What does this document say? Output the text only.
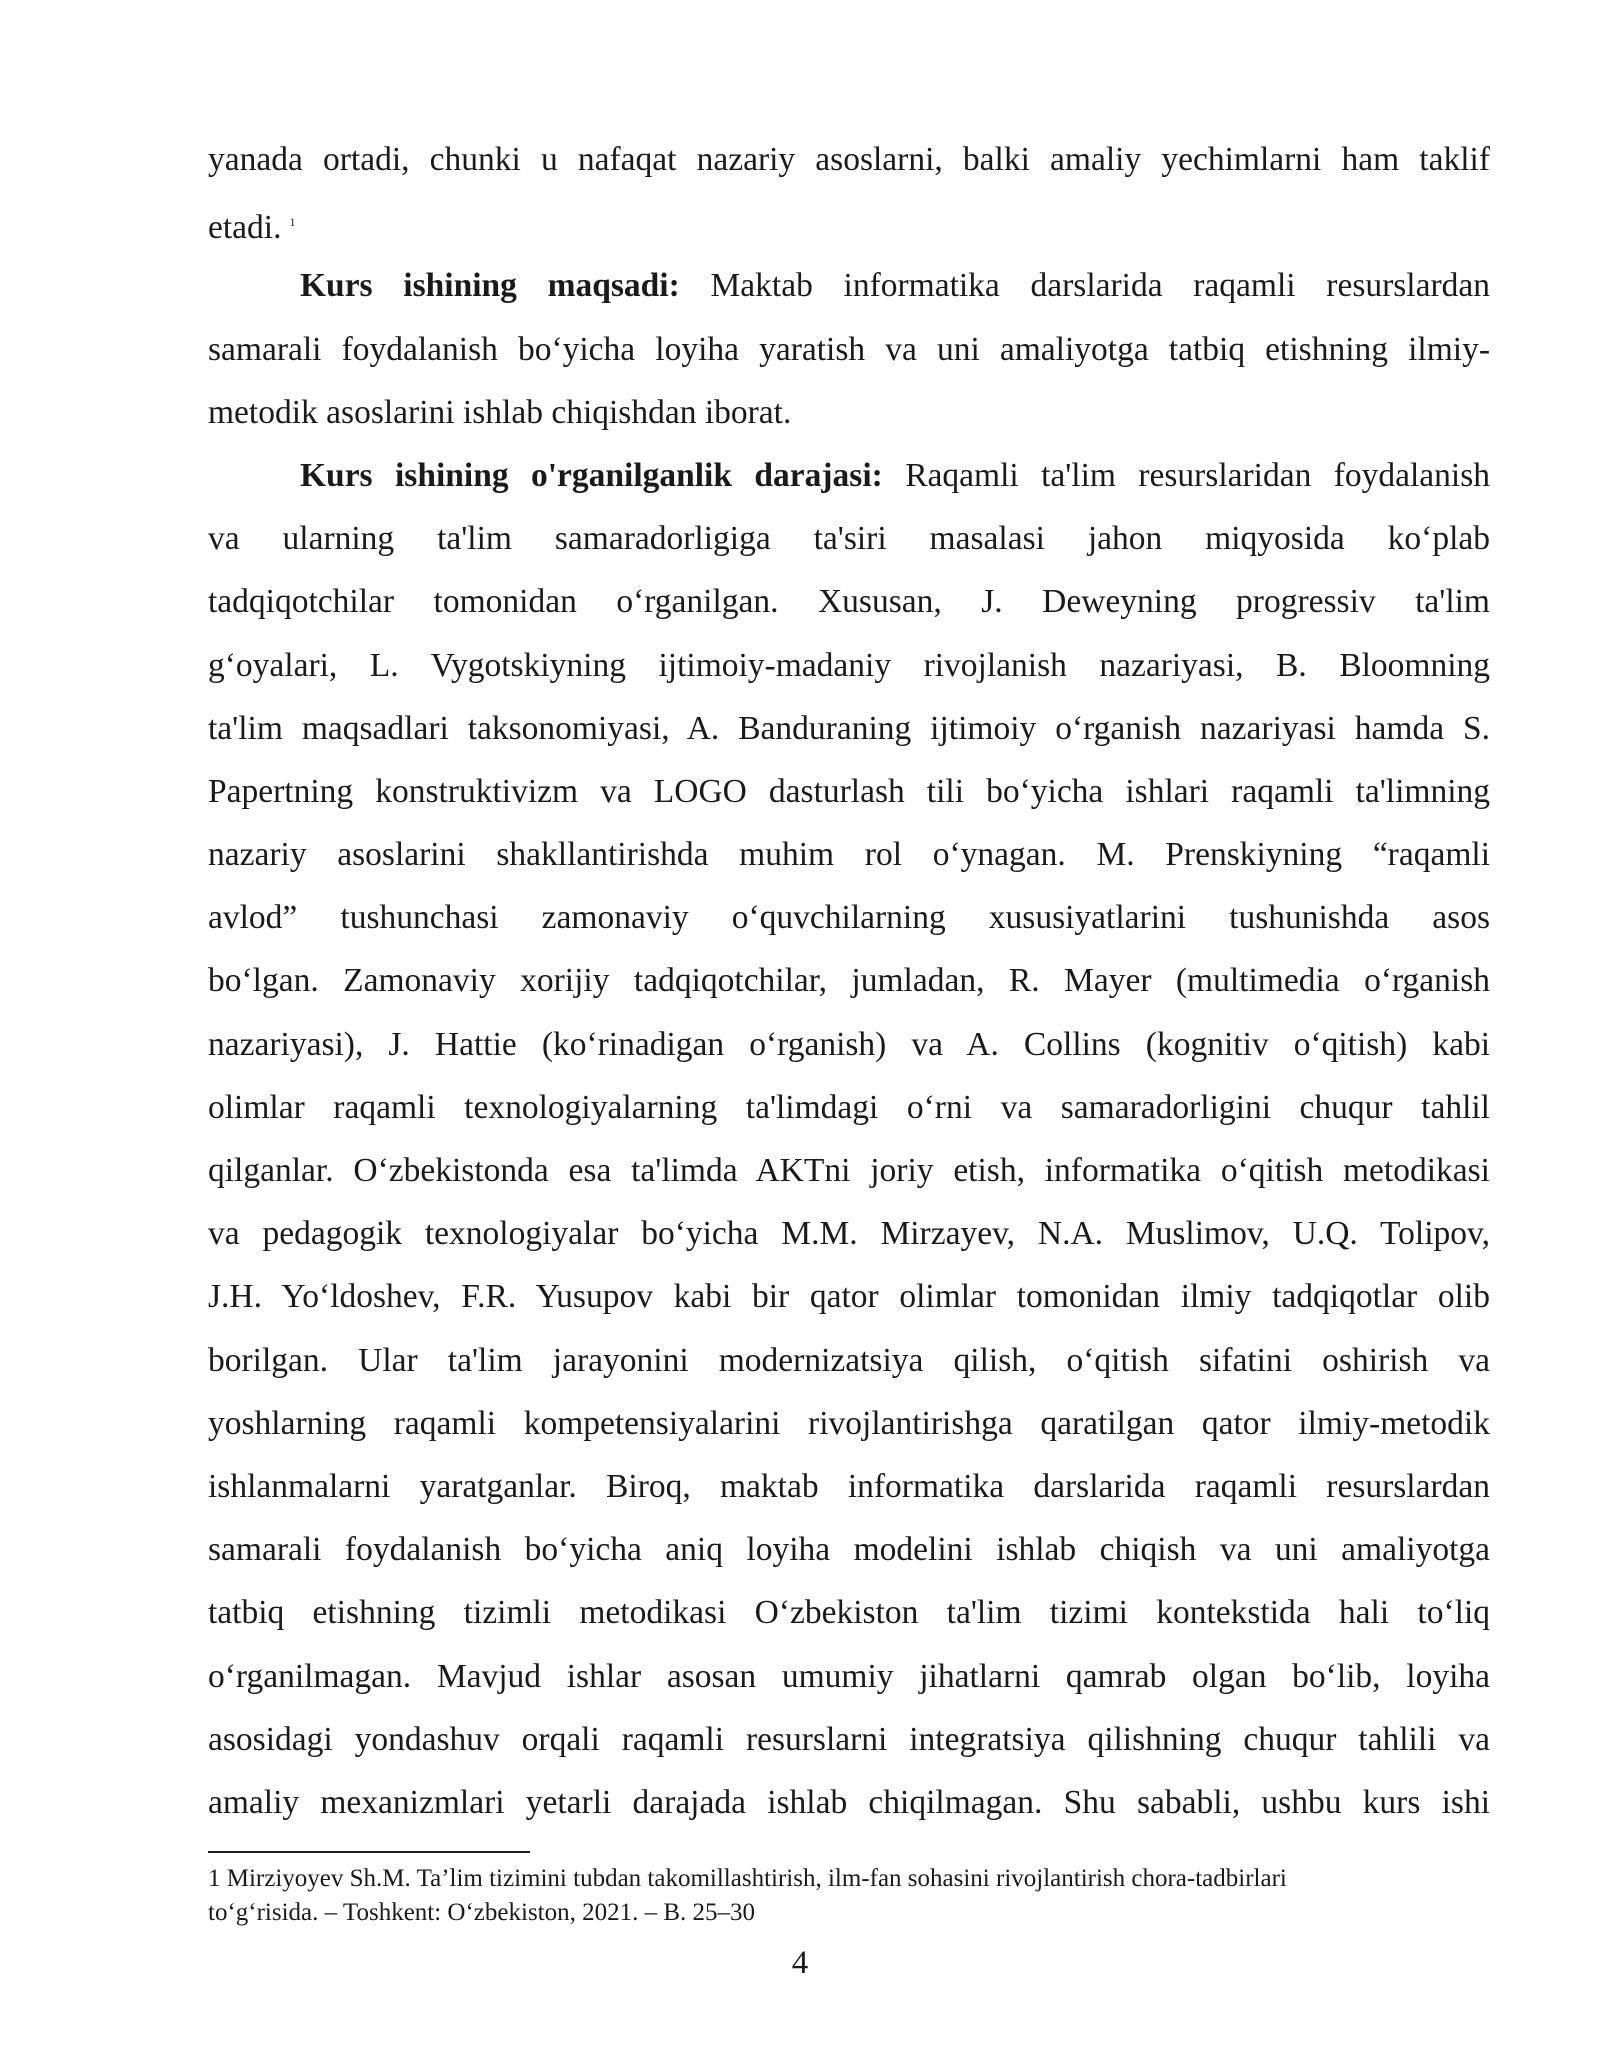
yanada ortadi, chunki u nafaqat nazariy asoslarni, balki amaliy yechimlarni ham taklif
etadi. $^1$
Kurs ishining maqsadi: Maktab informatika darslarida raqamli resurslardan
samarali foydalanish bo‘yicha loyiha yaratish va uni amaliyotga tatbiq etishning ilmiy-
metodik asoslarini ishlab chiqishdan iborat.
Kurs ishining o'rganilganlik darajasi: Raqamli ta'lim resurslaridan foydalanish
va ularning ta'lim samaradorligiga ta'siri masalasi jahon miqyosida ko‘plab
tadqiqotchilar tomonidan o‘rganilgan. Xususan, J. Deweyning progressiv ta'lim
g‘oyalari, L. Vygotskiyning ijtimoiy-madaniy rivojlanish nazariyasi, B. Bloomning
ta'lim maqsadlari taksonomiyasi, A. Banduraning ijtimoiy o‘rganish nazariyasi hamda S.
Papertning konstruktivizm va LOGO dasturlash tili bo‘yicha ishlari raqamli ta'limning
nazariy asoslarini shakllantirishda muhim rol o‘ynagan. M. Prenskiyning “raqamli
avlod” tushunchasi zamonaviy o‘quvchilarning xususiyatlarini tushunishda asos
bo‘lgan. Zamonaviy xorijiy tadqiqotchilar, jumladan, R. Mayer (multimedia o‘rganish
nazariyasi), J. Hattie (ko‘rinadigan o‘rganish) va A. Collins (kognitiv o‘qitish) kabi
olimlar raqamli texnologiyalarning ta'limdagi o‘rni va samaradorligini chuqur tahlil
qilganlar. O‘zbekistonda esa ta'limda AKTni joriy etish, informatika o‘qitish metodikasi
va pedagogik texnologiyalar bo‘yicha M.M. Mirzayev, N.A. Muslimov, U.Q. Tolipov,
J.H. Yo‘ldoshev, F.R. Yusupov kabi bir qator olimlar tomonidan ilmiy tadqiqotlar olib
borilgan. Ular ta'lim jarayonini modernizatsiya qilish, o‘qitish sifatini oshirish va
yoshlarning raqamli kompetensiyalarini rivojlantirishga qaratilgan qator ilmiy-metodik
ishlanmalarni yaratganlar. Biroq, maktab informatika darslarida raqamli resurslardan
samarali foydalanish bo‘yicha aniq loyiha modelini ishlab chiqish va uni amaliyotga
tatbiq etishning tizimli metodikasi O‘zbekiston ta'lim tizimi kontekstida hali to‘liq
o‘rganilmagan. Mavjud ishlar asosan umumiy jihatlarni qamrab olgan bo‘lib, loyiha
asosidagi yondashuv orqali raqamli resurslarni integratsiya qilishning chuqur tahlili va
amaliy mexanizmlari yetarli darajada ishlab chiqilmagan. Shu sababli, ushbu kurs ishi
1 Mirziyoyev Sh.M. Ta’lim tizimini tubdan takomillashtirish, ilm-fan sohasini rivojlantirish chora-tadbirlari
to‘g‘risida. – Toshkent: O‘zbekiston, 2021. – B. 25–30
4
